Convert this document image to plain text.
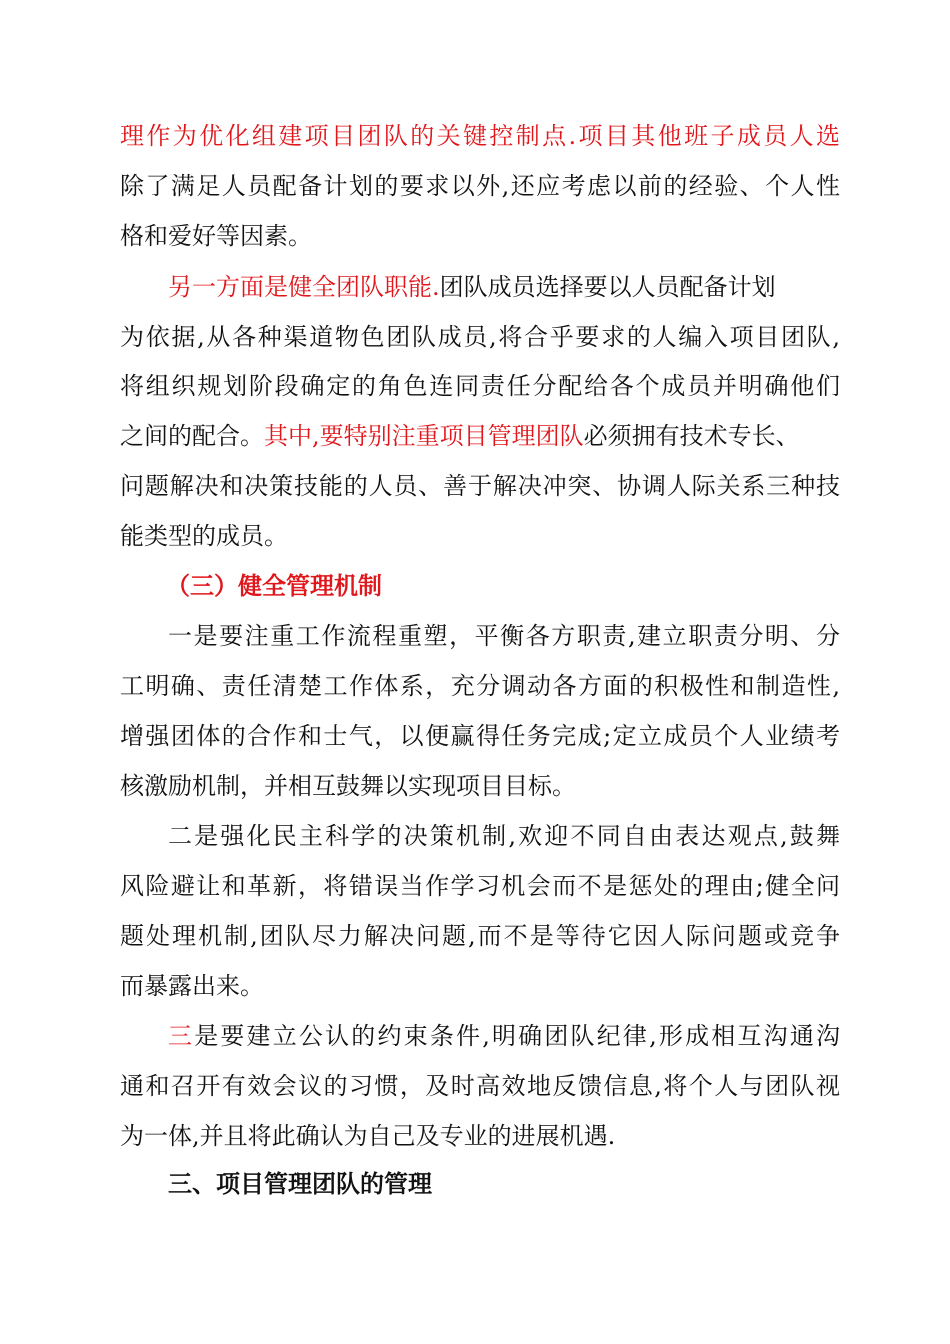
理作为优化组建项目团队的关键控制点.项目其他班子成员人选
除了满足人员配备计划的要求以外,还应考虑以前的经验、个人性
格和爱好等因素。
另一方面是健全团队职能.团队成员选择要以人员配备计划
为依据,从各种渠道物色团队成员,将合乎要求的人编入项目团队,
将组织规划阶段确定的角色连同责任分配给各个成员并明确他们
之间的配合。其中,要特别注重项目管理团队必须拥有技术专长、
问题解决和决策技能的人员、善于解决冲突、协调人际关系三种技
能类型的成员。
（三）健全管理机制
一是要注重工作流程重塑，平衡各方职责,建立职责分明、分
工明确、责任清楚工作体系，充分调动各方面的积极性和制造性,
增强团体的合作和士气，以便赢得任务完成;定立成员个人业绩考
核激励机制，并相互鼓舞以实现项目目标。
二是强化民主科学的决策机制,欢迎不同自由表达观点,鼓舞
风险避让和革新，将错误当作学习机会而不是惩处的理由;健全问
题处理机制,团队尽力解决问题,而不是等待它因人际问题或竞争
而暴露出来。
三是要建立公认的约束条件,明确团队纪律,形成相互沟通沟
通和召开有效会议的习惯，及时高效地反馈信息,将个人与团队视
为一体,并且将此确认为自己及专业的进展机遇.
三、项目管理团队的管理
